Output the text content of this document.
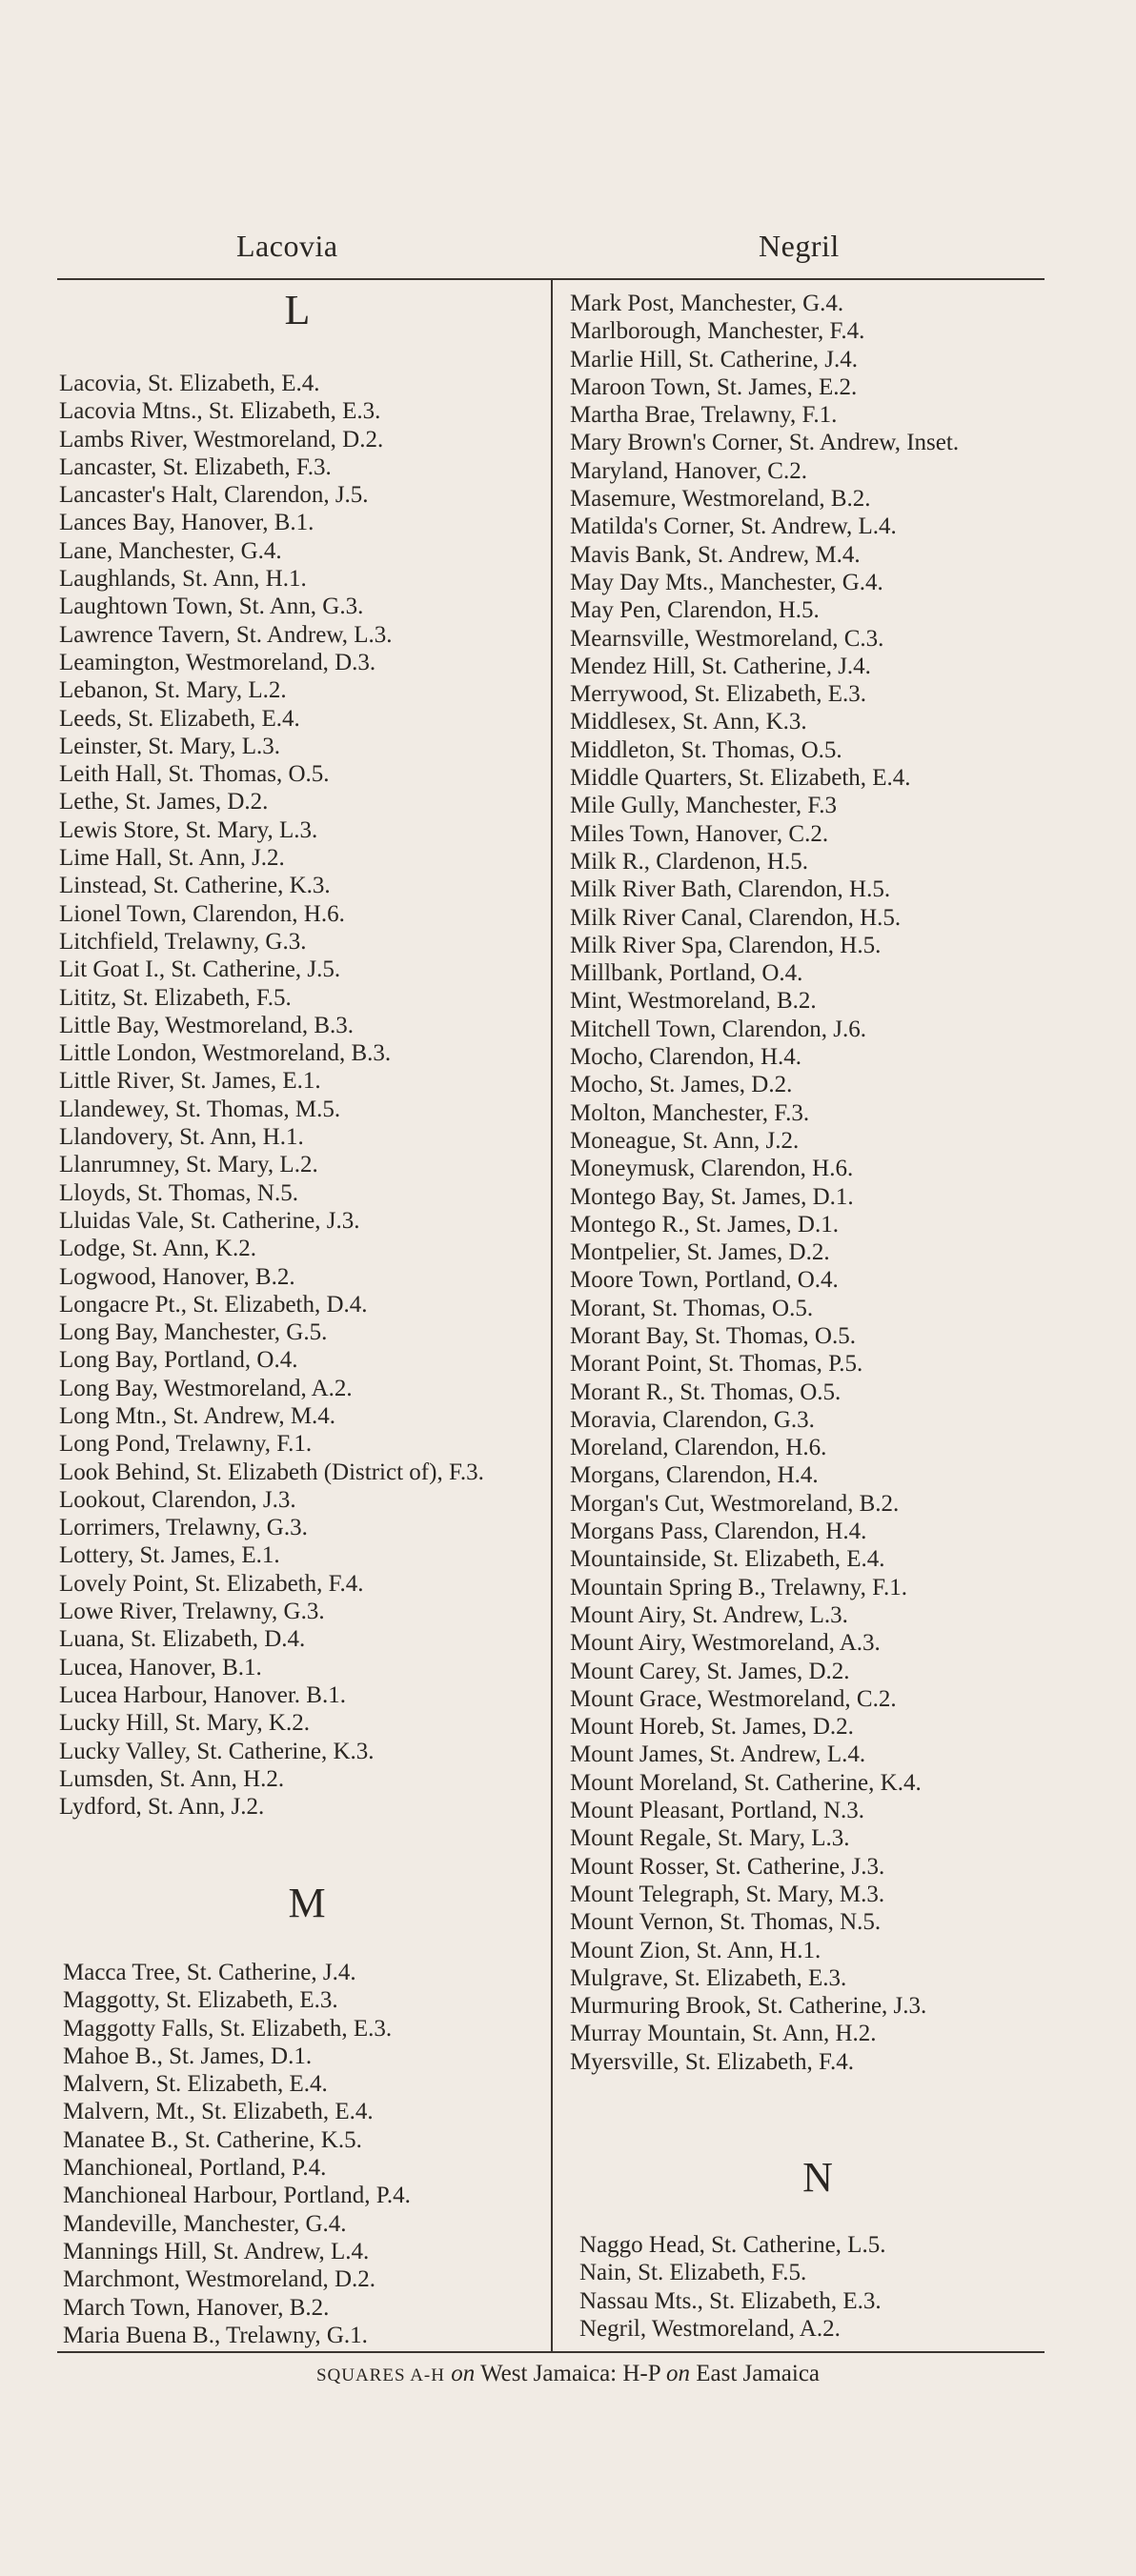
Lacovia	Negril
L
Lacovia, St. Elizabeth, E.4.
Lacovia Mtns., St. Elizabeth, E.3.
Lambs River, Westmoreland, D.2.
Lancaster, St. Elizabeth, F.3.
Lancaster's Halt, Clarendon, J.5.
Lances Bay, Hanover, B.1.
Lane, Manchester, G.4.
Laughlands, St. Ann, H.1.
Laughtown Town, St. Ann, G.3.
Lawrence Tavern, St. Andrew, L.3.
Leamington, Westmoreland, D.3.
Lebanon, St. Mary, L.2.
Leeds, St. Elizabeth, E.4.
Leinster, St. Mary, L.3.
Leith Hall, St. Thomas, O.5.
Lethe, St. James, D.2.
Lewis Store, St. Mary, L.3.
Lime Hall, St. Ann, J.2.
Linstead, St. Catherine, K.3.
Lionel Town, Clarendon, H.6.
Litchfield, Trelawny, G.3.
Lit Goat I., St. Catherine, J.5.
Lititz, St. Elizabeth, F.5.
Little Bay, Westmoreland, B.3.
Little London, Westmoreland, B.3.
Little River, St. James, E.1.
Llandewey, St. Thomas, M.5.
Llandovery, St. Ann, H.1.
Llanrumney, St. Mary, L.2.
Lloyds, St. Thomas, N.5.
Lluidas Vale, St. Catherine, J.3.
Lodge, St. Ann, K.2.
Logwood, Hanover, B.2.
Longacre Pt., St. Elizabeth, D.4.
Long Bay, Manchester, G.5.
Long Bay, Portland, O.4.
Long Bay, Westmoreland, A.2.
Long Mtn., St. Andrew, M.4.
Long Pond, Trelawny, F.1.
Look Behind, St. Elizabeth (District of), F.3.
Lookout, Clarendon, J.3.
Lorrimers, Trelawny, G.3.
Lottery, St. James, E.1.
Lovely Point, St. Elizabeth, F.4.
Lowe River, Trelawny, G.3.
Luana, St. Elizabeth, D.4.
Lucea, Hanover, B.1.
Lucea Harbour, Hanover. B.1.
Lucky Hill, St. Mary, K.2.
Lucky Valley, St. Catherine, K.3.
Lumsden, St. Ann, H.2.
Lydford, St. Ann, J.2.
M
Macca Tree, St. Catherine, J.4.
Maggotty, St. Elizabeth, E.3.
Maggotty Falls, St. Elizabeth, E.3.
Mahoe B., St. James, D.1.
Malvern, St. Elizabeth, E.4.
Malvern, Mt., St. Elizabeth, E.4.
Manatee B., St. Catherine, K.5.
Manchioneal, Portland, P.4.
Manchioneal Harbour, Portland, P.4.
Mandeville, Manchester, G.4.
Mannings Hill, St. Andrew, L.4.
Marchmont, Westmoreland, D.2.
March Town, Hanover, B.2.
Maria Buena B., Trelawny, G.1.
Mark Post, Manchester, G.4.
Marlborough, Manchester, F.4.
Marlie Hill, St. Catherine, J.4.
Maroon Town, St. James, E.2.
Martha Brae, Trelawny, F.1.
Mary Brown's Corner, St. Andrew, Inset.
Maryland, Hanover, C.2.
Masemure, Westmoreland, B.2.
Matilda's Corner, St. Andrew, L.4.
Mavis Bank, St. Andrew, M.4.
May Day Mts., Manchester, G.4.
May Pen, Clarendon, H.5.
Mearnsville, Westmoreland, C.3.
Mendez Hill, St. Catherine, J.4.
Merrywood, St. Elizabeth, E.3.
Middlesex, St. Ann, K.3.
Middleton, St. Thomas, O.5.
Middle Quarters, St. Elizabeth, E.4.
Mile Gully, Manchester, F.3
Miles Town, Hanover, C.2.
Milk R., Clardenon, H.5.
Milk River Bath, Clarendon, H.5.
Milk River Canal, Clarendon, H.5.
Milk River Spa, Clarendon, H.5.
Millbank, Portland, O.4.
Mint, Westmoreland, B.2.
Mitchell Town, Clarendon, J.6.
Mocho, Clarendon, H.4.
Mocho, St. James, D.2.
Molton, Manchester, F.3.
Moneague, St. Ann, J.2.
Moneymusk, Clarendon, H.6.
Montego Bay, St. James, D.1.
Montego R., St. James, D.1.
Montpelier, St. James, D.2.
Moore Town, Portland, O.4.
Morant, St. Thomas, O.5.
Morant Bay, St. Thomas, O.5.
Morant Point, St. Thomas, P.5.
Morant R., St. Thomas, O.5.
Moravia, Clarendon, G.3.
Moreland, Clarendon, H.6.
Morgans, Clarendon, H.4.
Morgan's Cut, Westmoreland, B.2.
Morgans Pass, Clarendon, H.4.
Mountainside, St. Elizabeth, E.4.
Mountain Spring B., Trelawny, F.1.
Mount Airy, St. Andrew, L.3.
Mount Airy, Westmoreland, A.3.
Mount Carey, St. James, D.2.
Mount Grace, Westmoreland, C.2.
Mount Horeb, St. James, D.2.
Mount James, St. Andrew, L.4.
Mount Moreland, St. Catherine, K.4.
Mount Pleasant, Portland, N.3.
Mount Regale, St. Mary, L.3.
Mount Rosser, St. Catherine, J.3.
Mount Telegraph, St. Mary, M.3.
Mount Vernon, St. Thomas, N.5.
Mount Zion, St. Ann, H.1.
Mulgrave, St. Elizabeth, E.3.
Murmuring Brook, St. Catherine, J.3.
Murray Mountain, St. Ann, H.2.
Myersville, St. Elizabeth, F.4.
N
Naggo Head, St. Catherine, L.5.
Nain, St. Elizabeth, F.5.
Nassau Mts., St. Elizabeth, E.3.
Negril, Westmoreland, A.2.
SQUARES A-H on West Jamaica: H-P on East Jamaica
